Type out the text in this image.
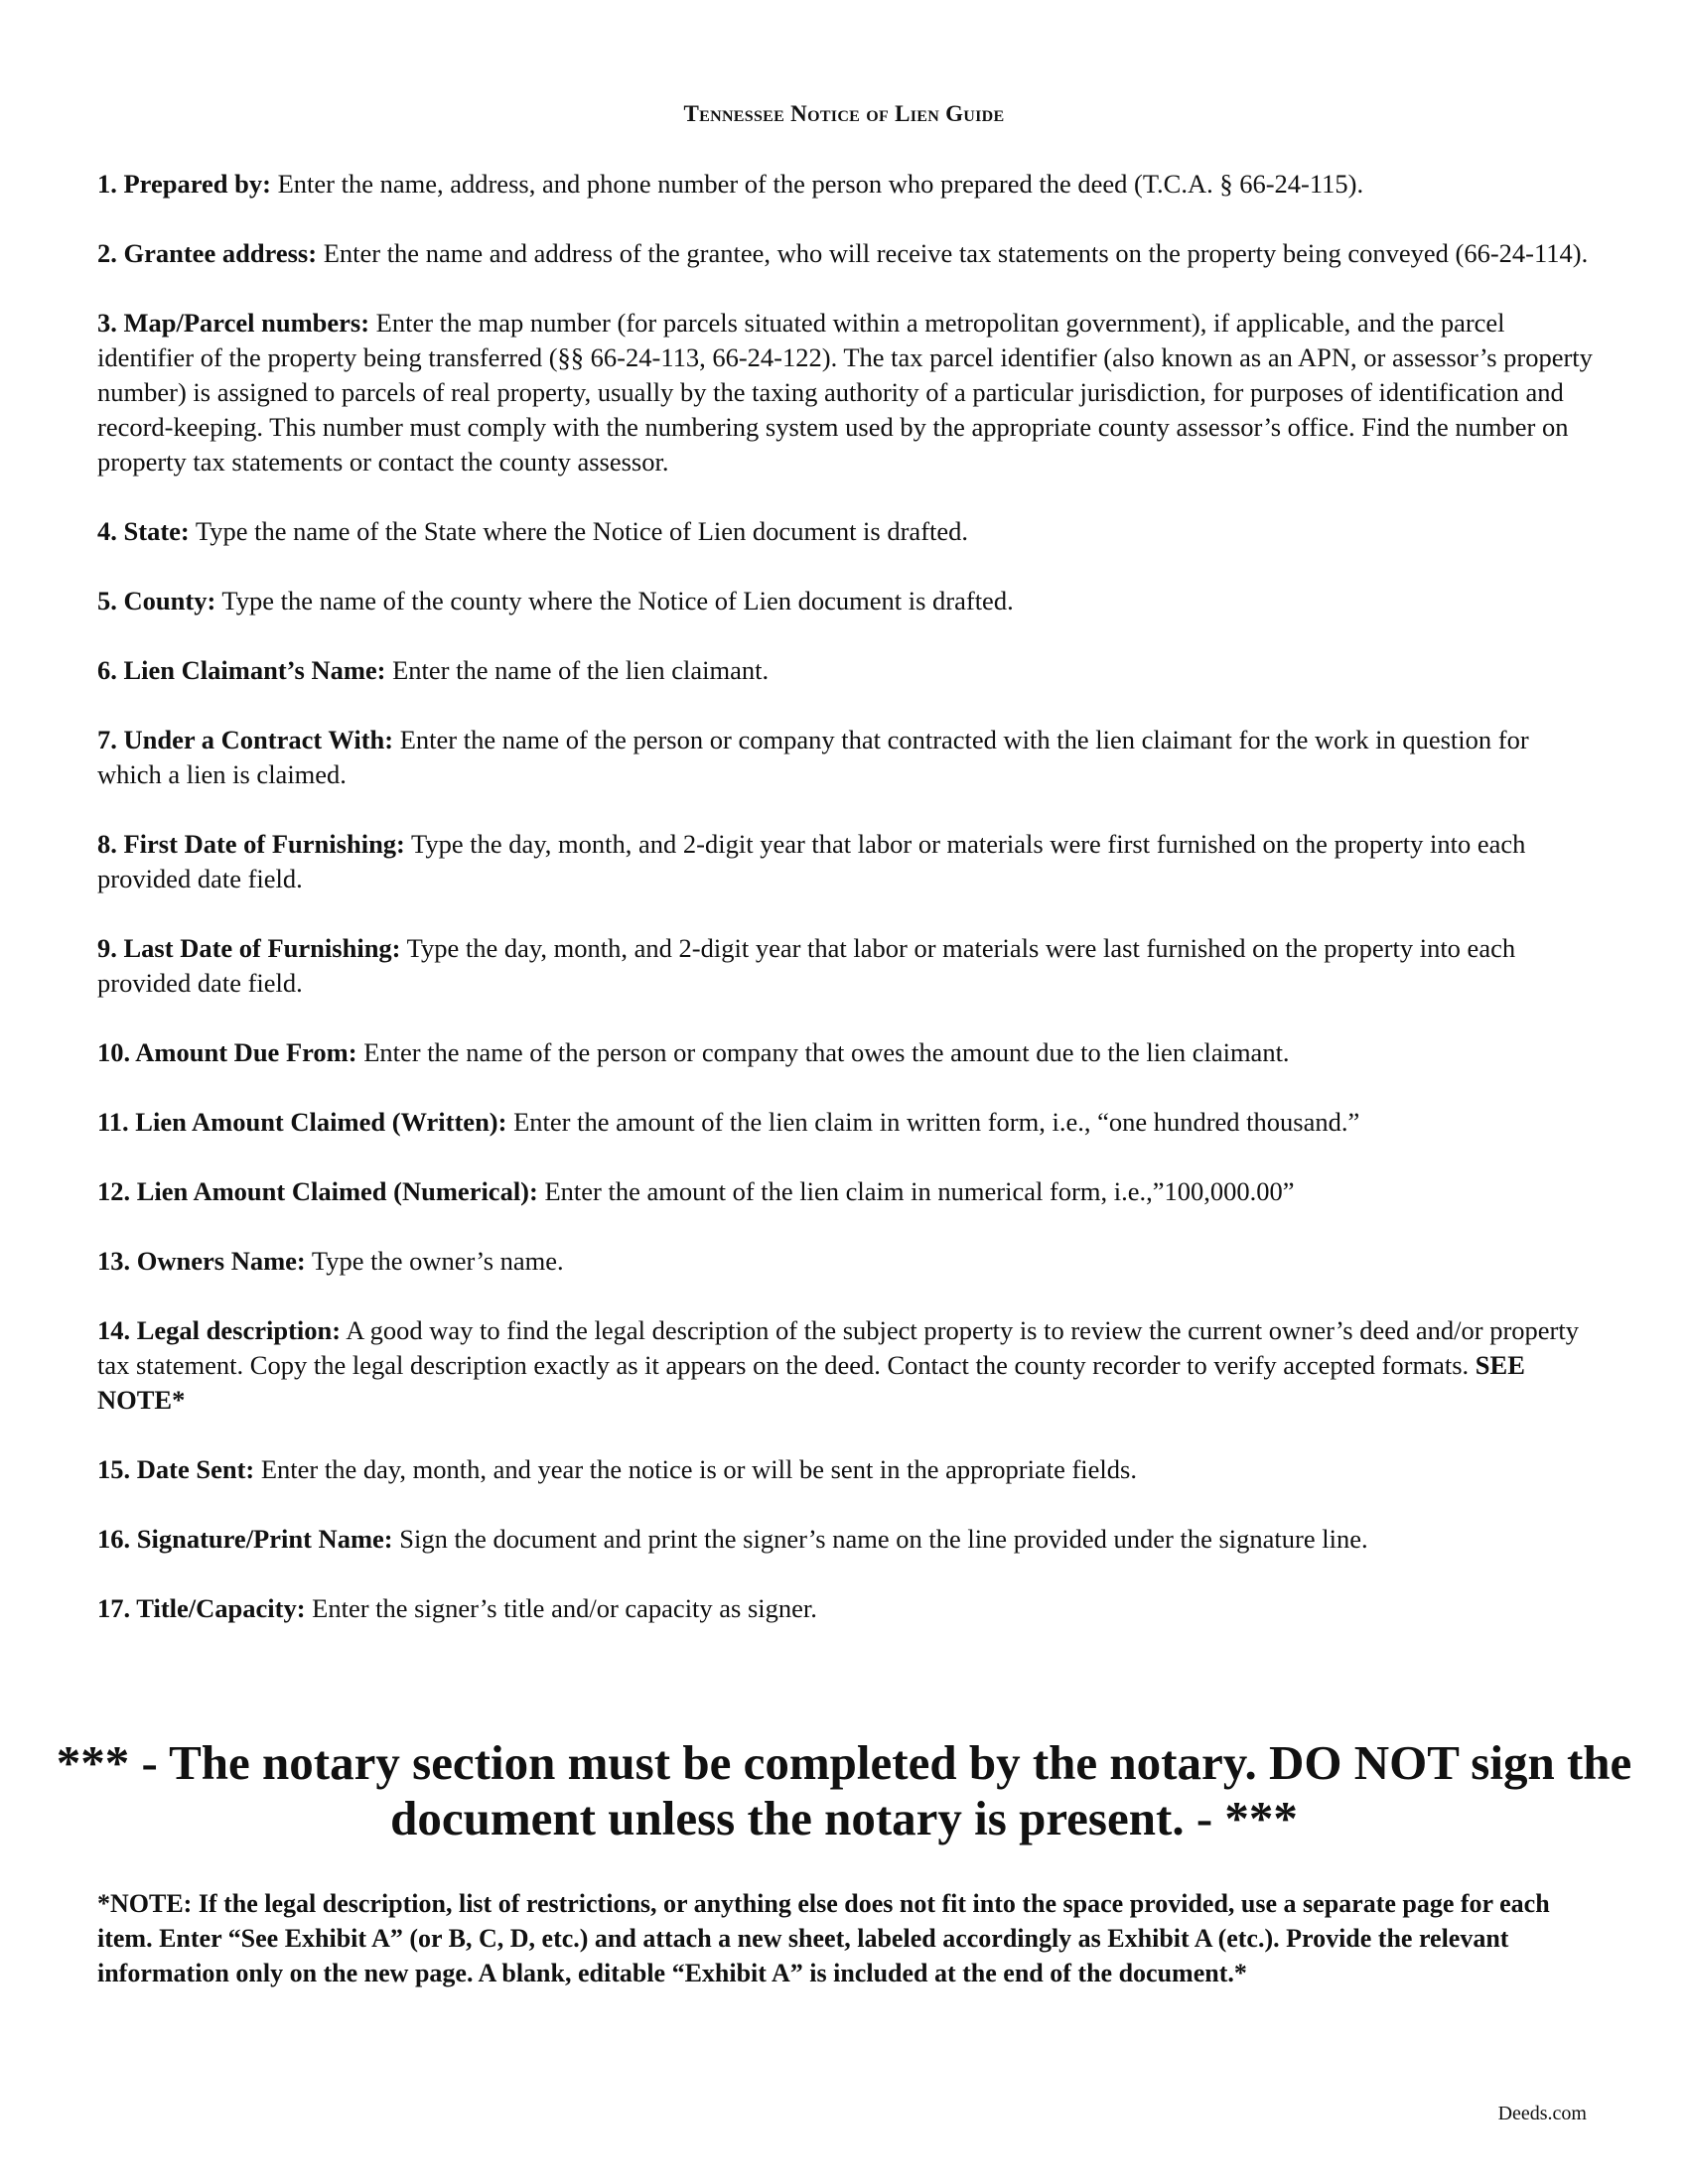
Tennessee Notice of Lien Guide

1. Prepared by: Enter the name, address, and phone number of the person who prepared the deed (T.C.A. § 66-24-115).

2. Grantee address: Enter the name and address of the grantee, who will receive tax statements on the property being conveyed (66-24-114).

3. Map/Parcel numbers: Enter the map number (for parcels situated within a metropolitan government), if applicable, and the parcel identifier of the property being transferred (§§ 66-24-113, 66-24-122). The tax parcel identifier (also known as an APN, or assessor’s property number) is assigned to parcels of real property, usually by the taxing authority of a particular jurisdiction, for purposes of identification and record-keeping. This number must comply with the numbering system used by the appropriate county assessor’s office. Find the number on property tax statements or contact the county assessor.

4. State: Type the name of the State where the Notice of Lien document is drafted.

5. County: Type the name of the county where the Notice of Lien document is drafted.

6. Lien Claimant’s Name: Enter the name of the lien claimant.

7. Under a Contract With: Enter the name of the person or company that contracted with the lien claimant for the work in question for which a lien is claimed.

8. First Date of Furnishing: Type the day, month, and 2-digit year that labor or materials were first furnished on the property into each provided date field.

9. Last Date of Furnishing: Type the day, month, and 2-digit year that labor or materials were last furnished on the property into each provided date field.

10. Amount Due From: Enter the name of the person or company that owes the amount due to the lien claimant.

11. Lien Amount Claimed (Written): Enter the amount of the lien claim in written form, i.e., “one hundred thousand.”

12. Lien Amount Claimed (Numerical): Enter the amount of the lien claim in numerical form, i.e.,”100,000.00”

13. Owners Name: Type the owner’s name.

14. Legal description: A good way to find the legal description of the subject property is to review the current owner’s deed and/or property tax statement. Copy the legal description exactly as it appears on the deed. Contact the county recorder to verify accepted formats. SEE NOTE*

15. Date Sent: Enter the day, month, and year the notice is or will be sent in the appropriate fields.

16. Signature/Print Name: Sign the document and print the signer’s name on the line provided under the signature line.

17. Title/Capacity: Enter the signer’s title and/or capacity as signer.

*** - The notary section must be completed by the notary. DO NOT sign the document unless the notary is present. - ***
*NOTE: If the legal description, list of restrictions, or anything else does not fit into the space provided, use a separate page for each item. Enter “See Exhibit A” (or B, C, D, etc.) and attach a new sheet, labeled accordingly as Exhibit A (etc.). Provide the relevant information only on the new page. A blank, editable “Exhibit A” is included at the end of the document.*
Deeds.com
